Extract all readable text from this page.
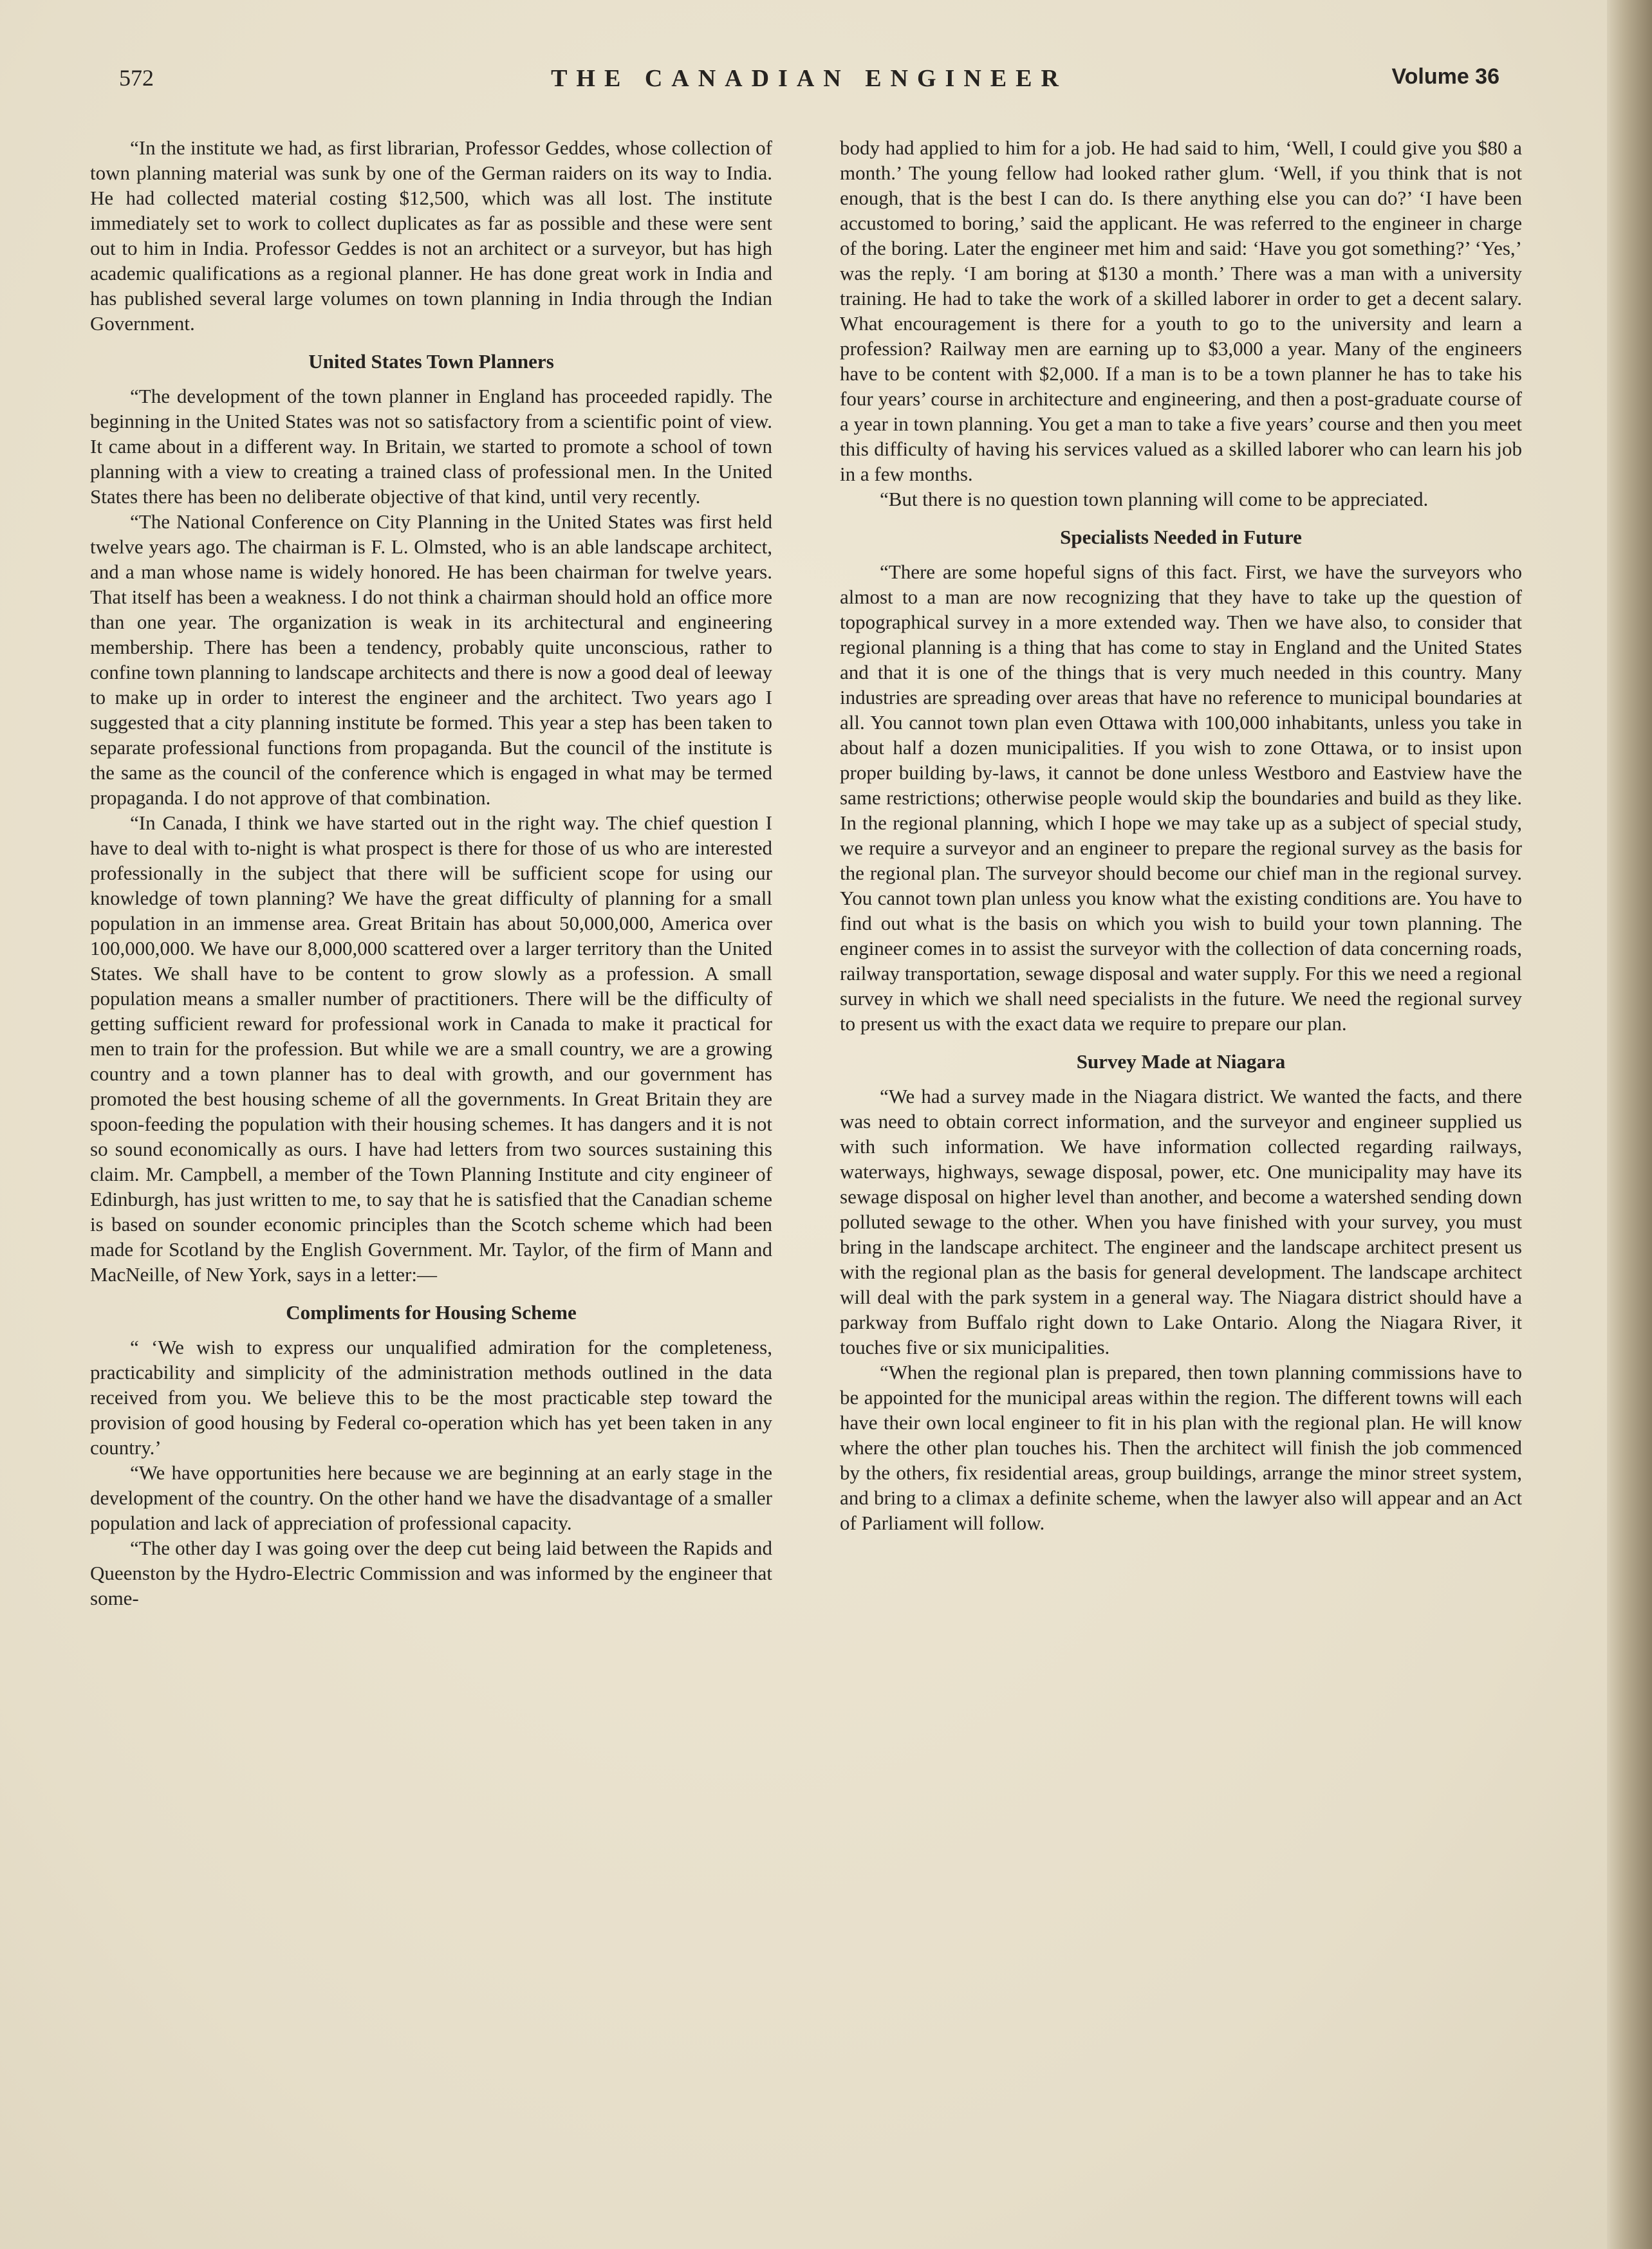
572	THE CANADIAN ENGINEER	Volume 36

“In the institute we had, as first librarian, Professor Geddes, whose collection of town planning material was sunk by one of the German raiders on its way to India. He had collected material costing $12,500, which was all lost. The institute immediately set to work to collect duplicates as far as possible and these were sent out to him in India. Professor Geddes is not an architect or a surveyor, but has high academic qualifications as a regional planner. He has done great work in India and has published several large volumes on town planning in India through the Indian Government.

United States Town Planners

“The development of the town planner in England has proceeded rapidly. The beginning in the United States was not so satisfactory from a scientific point of view. It came about in a different way. In Britain, we started to promote a school of town planning with a view to creating a trained class of professional men. In the United States there has been no deliberate objective of that kind, until very recently.

“The National Conference on City Planning in the United States was first held twelve years ago. The chairman is F. L. Olmsted, who is an able landscape architect, and a man whose name is widely honored. He has been chairman for twelve years. That itself has been a weakness. I do not think a chairman should hold an office more than one year. The organization is weak in its architectural and engineering membership. There has been a tendency, probably quite unconscious, rather to confine town planning to landscape architects and there is now a good deal of leeway to make up in order to interest the engineer and the architect. Two years ago I suggested that a city planning institute be formed. This year a step has been taken to separate professional functions from propaganda. But the council of the institute is the same as the council of the conference which is engaged in what may be termed propaganda. I do not approve of that combination.

“In Canada, I think we have started out in the right way. The chief question I have to deal with to-night is what prospect is there for those of us who are interested professionally in the subject that there will be sufficient scope for using our knowledge of town planning? We have the great difficulty of planning for a small population in an immense area. Great Britain has about 50,000,000, America over 100,000,000. We have our 8,000,000 scattered over a larger territory than the United States. We shall have to be content to grow slowly as a profession. A small population means a smaller number of practitioners. There will be the difficulty of getting sufficient reward for professional work in Canada to make it practical for men to train for the profession. But while we are a small country, we are a growing country and a town planner has to deal with growth, and our government has promoted the best housing scheme of all the governments. In Great Britain they are spoon-feeding the population with their housing schemes. It has dangers and it is not so sound economically as ours. I have had letters from two sources sustaining this claim. Mr. Campbell, a member of the Town Planning Institute and city engineer of Edinburgh, has just written to me, to say that he is satisfied that the Canadian scheme is based on sounder economic principles than the Scotch scheme which had been made for Scotland by the English Government. Mr. Taylor, of the firm of Mann and MacNeille, of New York, says in a letter:—

Compliments for Housing Scheme

“ ‘We wish to express our unqualified admiration for the completeness, practicability and simplicity of the administration methods outlined in the data received from you. We believe this to be the most practicable step toward the provision of good housing by Federal co-operation which has yet been taken in any country.’

“We have opportunities here because we are beginning at an early stage in the development of the country. On the other hand we have the disadvantage of a smaller population and lack of appreciation of professional capacity.

“The other day I was going over the deep cut being laid between the Rapids and Queenston by the Hydro-Electric Commission and was informed by the engineer that some-

body had applied to him for a job. He had said to him, ‘Well, I could give you $80 a month.’ The young fellow had looked rather glum. ‘Well, if you think that is not enough, that is the best I can do. Is there anything else you can do?’ ‘I have been accustomed to boring,’ said the applicant. He was referred to the engineer in charge of the boring. Later the engineer met him and said: ‘Have you got something?’ ‘Yes,’ was the reply. ‘I am boring at $130 a month.’ There was a man with a university training. He had to take the work of a skilled laborer in order to get a decent salary. What encouragement is there for a youth to go to the university and learn a profession? Railway men are earning up to $3,000 a year. Many of the engineers have to be content with $2,000. If a man is to be a town planner he has to take his four years’ course in architecture and engineering, and then a post-graduate course of a year in town planning. You get a man to take a five years’ course and then you meet this difficulty of having his services valued as a skilled laborer who can learn his job in a few months.

“But there is no question town planning will come to be appreciated.

Specialists Needed in Future

“There are some hopeful signs of this fact. First, we have the surveyors who almost to a man are now recognizing that they have to take up the question of topographical survey in a more extended way. Then we have also, to consider that regional planning is a thing that has come to stay in England and the United States and that it is one of the things that is very much needed in this country. Many industries are spreading over areas that have no reference to municipal boundaries at all. You cannot town plan even Ottawa with 100,000 inhabitants, unless you take in about half a dozen municipalities. If you wish to zone Ottawa, or to insist upon proper building by-laws, it cannot be done unless Westboro and Eastview have the same restrictions; otherwise people would skip the boundaries and build as they like. In the regional planning, which I hope we may take up as a subject of special study, we require a surveyor and an engineer to prepare the regional survey as the basis for the regional plan. The surveyor should become our chief man in the regional survey. You cannot town plan unless you know what the existing conditions are. You have to find out what is the basis on which you wish to build your town planning. The engineer comes in to assist the surveyor with the collection of data concerning roads, railway transportation, sewage disposal and water supply. For this we need a regional survey in which we shall need specialists in the future. We need the regional survey to present us with the exact data we require to prepare our plan.

Survey Made at Niagara

“We had a survey made in the Niagara district. We wanted the facts, and there was need to obtain correct information, and the surveyor and engineer supplied us with such information. We have information collected regarding railways, waterways, highways, sewage disposal, power, etc. One municipality may have its sewage disposal on higher level than another, and become a watershed sending down polluted sewage to the other. When you have finished with your survey, you must bring in the landscape architect. The engineer and the landscape architect present us with the regional plan as the basis for general development. The landscape architect will deal with the park system in a general way. The Niagara district should have a parkway from Buffalo right down to Lake Ontario. Along the Niagara River, it touches five or six municipalities.

“When the regional plan is prepared, then town planning commissions have to be appointed for the municipal areas within the region. The different towns will each have their own local engineer to fit in his plan with the regional plan. He will know where the other plan touches his. Then the architect will finish the job commenced by the others, fix residential areas, group buildings, arrange the minor street system, and bring to a climax a definite scheme, when the lawyer also will appear and an Act of Parliament will follow.
